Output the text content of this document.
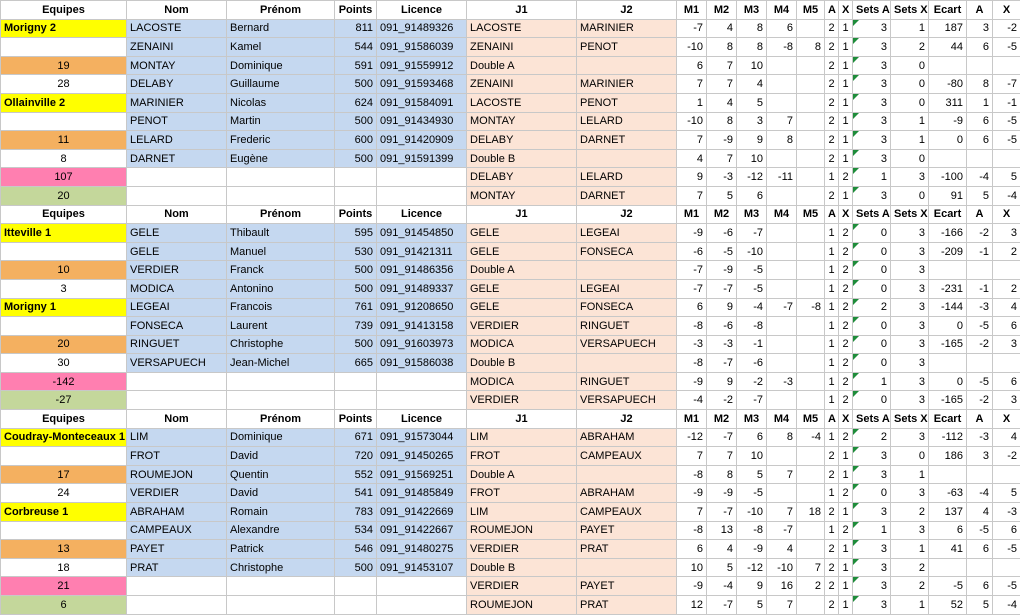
Equipes	Nom	Prénom	Points	Licence	J1	J2	M1	M2	M3	M4	M5	A	X	Sets A	Sets X	Ecart	A	X
Morigny 2	LACOSTE	Bernard	811	091_91489326	LACOSTE	MARINIER	-7	4	8	6		2	1	3	1	187	3	-2
	ZENAINI	Kamel	544	091_91586039	ZENAINI	PENOT	-10	8	8	-8	8	2	1	3	2	44	6	-5
19	MONTAY	Dominique	591	091_91559912	Double A		6	7	10			2	1	3	0			
28	DELABY	Guillaume	500	091_91593468	ZENAINI	MARINIER	7	7	4			2	1	3	0	-80	8	-7
Ollainville 2	MARINIER	Nicolas	624	091_91584091	LACOSTE	PENOT	1	4	5			2	1	3	0	311	1	-1
	PENOT	Martin	500	091_91434930	MONTAY	LELARD	-10	8	3	7		2	1	3	1	-9	6	-5
11	LELARD	Frederic	600	091_91420909	DELABY	DARNET	7	-9	9	8		2	1	3	1	0	6	-5
8	DARNET	Eugène	500	091_91591399	Double B		4	7	10			2	1	3	0			
107					DELABY	LELARD	9	-3	-12	-11		1	2	1	3	-100	-4	5
20					MONTAY	DARNET	7	5	6			2	1	3	0	91	5	-4
Equipes	Nom	Prénom	Points	Licence	J1	J2	M1	M2	M3	M4	M5	A	X	Sets A	Sets X	Ecart	A	X
Itteville 1	GELE	Thibault	595	091_91454850	GELE	LEGEAI	-9	-6	-7			1	2	0	3	-166	-2	3
	GELE	Manuel	530	091_91421311	GELE	FONSECA	-6	-5	-10			1	2	0	3	-209	-1	2
10	VERDIER	Franck	500	091_91486356	Double A		-7	-9	-5			1	2	0	3			
3	MODICA	Antonino	500	091_91489337	GELE	LEGEAI	-7	-7	-5			1	2	0	3	-231	-1	2
Morigny 1	LEGEAI	Francois	761	091_91208650	GELE	FONSECA	6	9	-4	-7	-8	1	2	2	3	-144	-3	4
	FONSECA	Laurent	739	091_91413158	VERDIER	RINGUET	-8	-6	-8			1	2	0	3	0	-5	6
20	RINGUET	Christophe	500	091_91603973	MODICA	VERSAPUECH	-3	-3	-1			1	2	0	3	-165	-2	3
30	VERSAPUECH	Jean-Michel	665	091_91586038	Double B		-8	-7	-6			1	2	0	3			
-142					MODICA	RINGUET	-9	9	-2	-3		1	2	1	3	0	-5	6
-27					VERDIER	VERSAPUECH	-4	-2	-7			1	2	0	3	-165	-2	3
Equipes	Nom	Prénom	Points	Licence	J1	J2	M1	M2	M3	M4	M5	A	X	Sets A	Sets X	Ecart	A	X
Coudray-Monteceaux 1	LIM	Dominique	671	091_91573044	LIM	ABRAHAM	-12	-7	6	8	-4	1	2	2	3	-112	-3	4
	FROT	David	720	091_91450265	FROT	CAMPEAUX	7	7	10			2	1	3	0	186	3	-2
17	ROUMEJON	Quentin	552	091_91569251	Double A		-8	8	5	7		2	1	3	1			
24	VERDIER	David	541	091_91485849	FROT	ABRAHAM	-9	-9	-5			1	2	0	3	-63	-4	5
Corbreuse 1	ABRAHAM	Romain	783	091_91422669	LIM	CAMPEAUX	7	-7	-10	7	18	2	1	3	2	137	4	-3
	CAMPEAUX	Alexandre	534	091_91422667	ROUMEJON	PAYET	-8	13	-8	-7		1	2	1	3	6	-5	6
13	PAYET	Patrick	546	091_91480275	VERDIER	PRAT	6	4	-9	4		2	1	3	1	41	6	-5
18	PRAT	Christophe	500	091_91453107	Double B		10	5	-12	-10	7	2	1	3	2			
21					VERDIER	PAYET	-9	-4	9	16	2	2	1	3	2	-5	6	-5
6					ROUMEJON	PRAT	12	-7	5	7		2	1	3	1	52	5	-4
